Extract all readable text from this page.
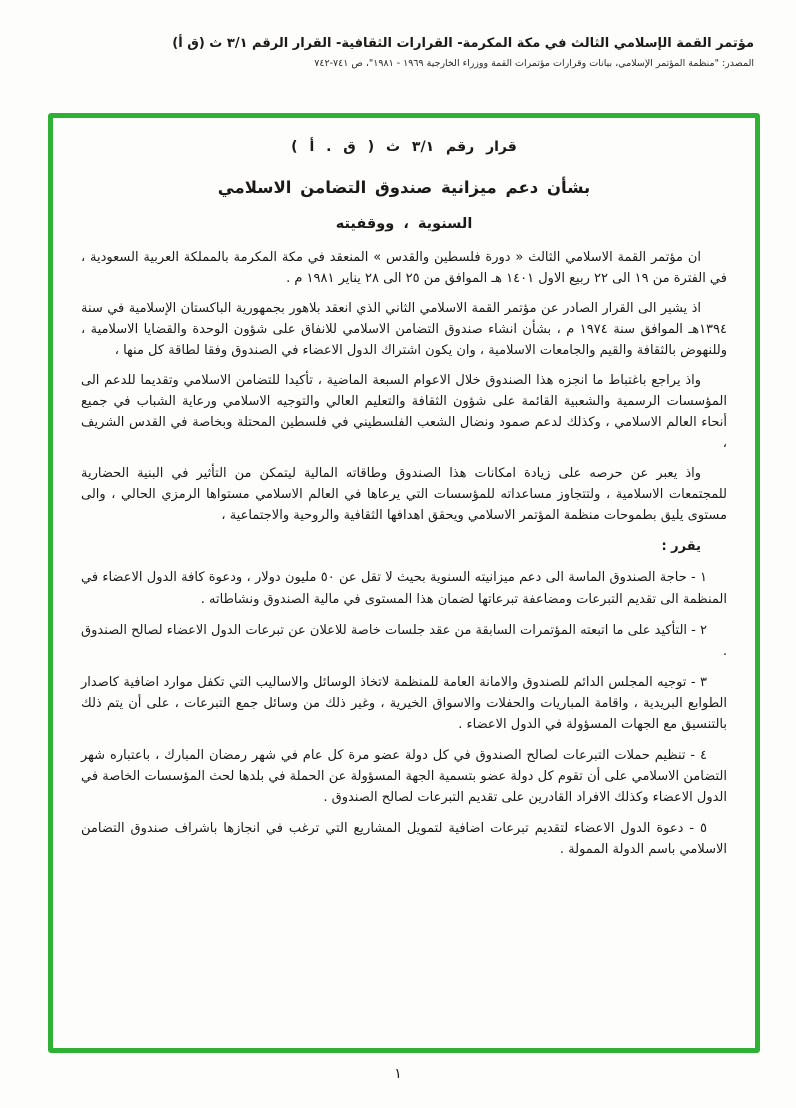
مؤتمر القمة الإسلامي الثالث في مكة المكرمة- القرارات الثقافية- القرار الرقم ٣/١ ث (ق أ)
المصدر: "منظمة المؤتمر الإسلامي، بيانات وقرارات مؤتمرات القمة ووزراء الخارجية ١٩٦٩ - ١٩٨١"، ص ٧٤١-٧٤٢
قرار رقم ٣/١ ث ( ق . أ )
بشأن دعم ميزانية صندوق التضامن الاسلامي
السنوية ، ووقفيته

ان مؤتمر القمة الاسلامي الثالث « دورة فلسطين والقدس » المنعقد في مكة المكرمة بالمملكة العربية السعودية ، في الفترة من ١٩ الى ٢٢ ربيع الاول ١٤٠١ هـ الموافق من ٢٥ الى ٢٨ يناير ١٩٨١ م .

اذ يشير الى القرار الصادر عن مؤتمر القمة الاسلامي الثاني الذي انعقد بلاهور بجمهورية الباكستان الإسلامية في سنة ١٣٩٤هـ الموافق سنة ١٩٧٤ م ، بشأن انشاء صندوق التضامن الاسلامي للانفاق على شؤون الوحدة والقضايا الاسلامية ، وللنهوض بالثقافة والقيم والجامعات الاسلامية ، وان يكون اشتراك الدول الاعضاء في الصندوق وفقا لطاقة كل منها ،

واذ يراجع باغتباط ما انجزه هذا الصندوق خلال الاعوام السبعة الماضية ، تأكيدا للتضامن الاسلامي وتقديما للدعم الى المؤسسات الرسمية والشعبية القائمة على شؤون الثقافة والتعليم العالي والتوجيه الاسلامي ورعاية الشباب في جميع أنحاء العالم الاسلامي ، وكذلك لدعم صمود ونضال الشعب الفلسطيني في فلسطين المحتلة وبخاصة في القدس الشريف ،

واذ يعبر عن حرصه على زيادة امكانات هذا الصندوق وطاقاته المالية ليتمكن من التأثير في البنية الحضارية للمجتمعات الاسلامية ، ولتتجاوز مساعداته للمؤسسات التي يرعاها في العالم الاسلامي مستواها الرمزي الحالي ، والى مستوى يليق بطموحات منظمة المؤتمر الاسلامي ويحقق اهدافها الثقافية والروحية والاجتماعية ،

يقرر :

١ - حاجة الصندوق الماسة الى دعم ميزانيته السنوية بحيث لا تقل عن ٥٠ مليون دولار ، ودعوة كافة الدول الاعضاء في المنظمة الى تقديم التبرعات ومضاعفة تبرعاتها لضمان هذا المستوى في مالية الصندوق ونشاطاته .

٢ - التأكيد على ما اتبعته المؤتمرات السابقة من عقد جلسات خاصة للاعلان عن تبرعات الدول الاعضاء لصالح الصندوق .

٣ - توجيه المجلس الدائم للصندوق والامانة العامة للمنظمة لاتخاذ الوسائل والاساليب التي تكفل موارد اضافية كاصدار الطوابع البريدية ، واقامة المباريات والحفلات والاسواق الخيرية ، وغير ذلك من وسائل جمع التبرعات ، على أن يتم ذلك بالتنسيق مع الجهات المسؤولة في الدول الاعضاء .

٤ - تنظيم حملات التبرعات لصالح الصندوق في كل دولة عضو مرة كل عام في شهر رمضان المبارك ، باعتباره شهر التضامن الاسلامي على أن تقوم كل دولة عضو بتسمية الجهة المسؤولة عن الحملة في بلدها لحث المؤسسات الخاصة في الدول الاعضاء وكذلك الافراد القادرين على تقديم التبرعات لصالح الصندوق .

٥ - دعوة الدول الاعضاء لتقديم تبرعات اضافية لتمويل المشاريع التي ترغب في انجازها باشراف صندوق التضامن الاسلامي باسم الدولة الممولة .

١
